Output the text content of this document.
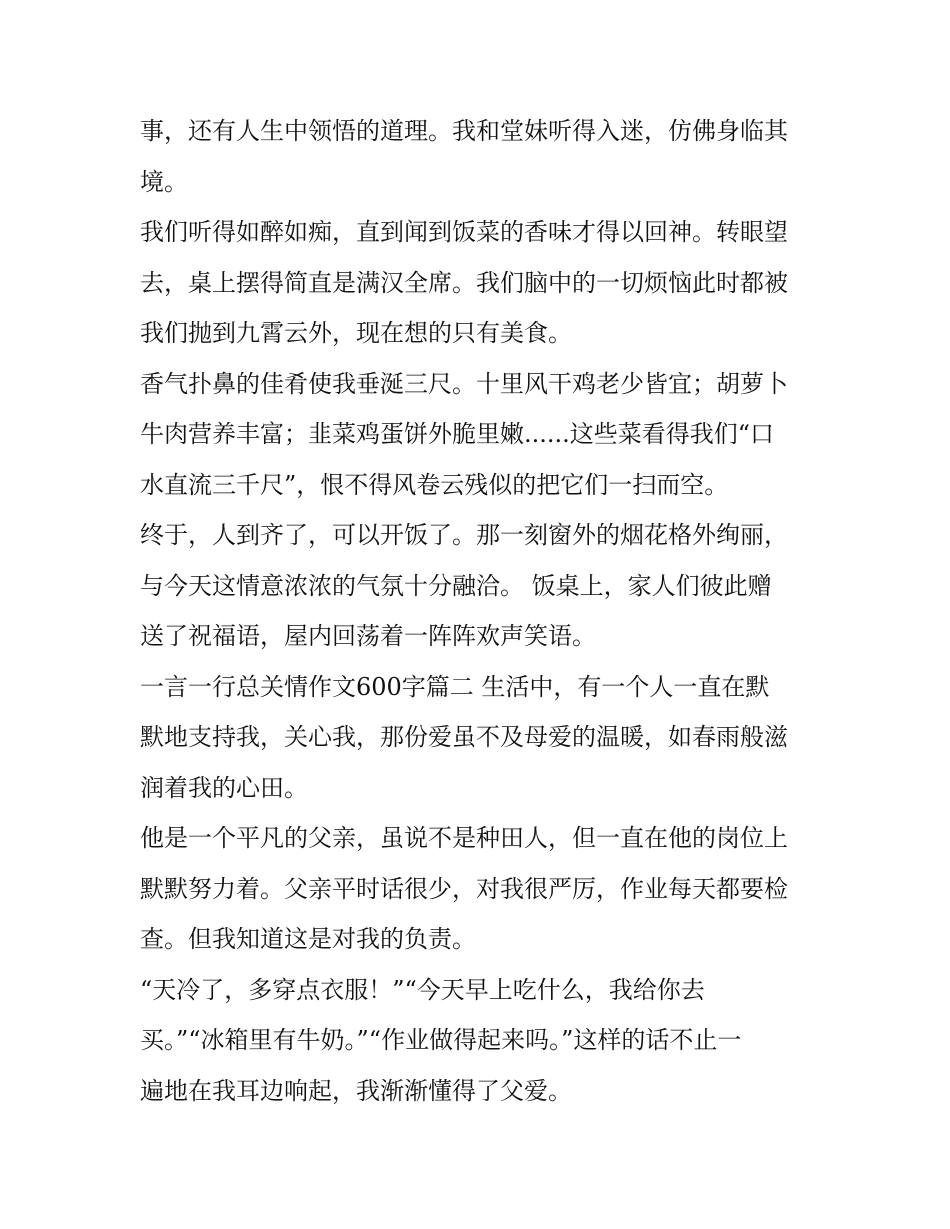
事，还有人生中领悟的道理。我和堂妹听得入迷，仿佛身临其
境。
我们听得如醉如痴，直到闻到饭菜的香味才得以回神。转眼望
去，桌上摆得简直是满汉全席。我们脑中的一切烦恼此时都被
我们抛到九霄云外，现在想的只有美食。
香气扑鼻的佳肴使我垂涎三尺。十里风干鸡老少皆宜；胡萝卜
牛肉营养丰富；韭菜鸡蛋饼外脆里嫩......这些菜看得我们“口
水直流三千尺”，恨不得风卷云残似的把它们一扫而空。
终于，人到齐了，可以开饭了。那一刻窗外的烟花格外绚丽，
与今天这情意浓浓的气氛十分融洽。 饭桌上，家人们彼此赠
送了祝福语，屋内回荡着一阵阵欢声笑语。
一言一行总关情作文600字篇二 生活中，有一个人一直在默
默地支持我，关心我，那份爱虽不及母爱的温暖，如春雨般滋
润着我的心田。
他是一个平凡的父亲，虽说不是种田人，但一直在他的岗位上
默默努力着。父亲平时话很少，对我很严厉，作业每天都要检
查。但我知道这是对我的负责。
“天冷了，多穿点衣服！”“今天早上吃什么，我给你去
买。”“冰箱里有牛奶。”“作业做得起来吗。”这样的话不止一
遍地在我耳边响起，我渐渐懂得了父爱。
